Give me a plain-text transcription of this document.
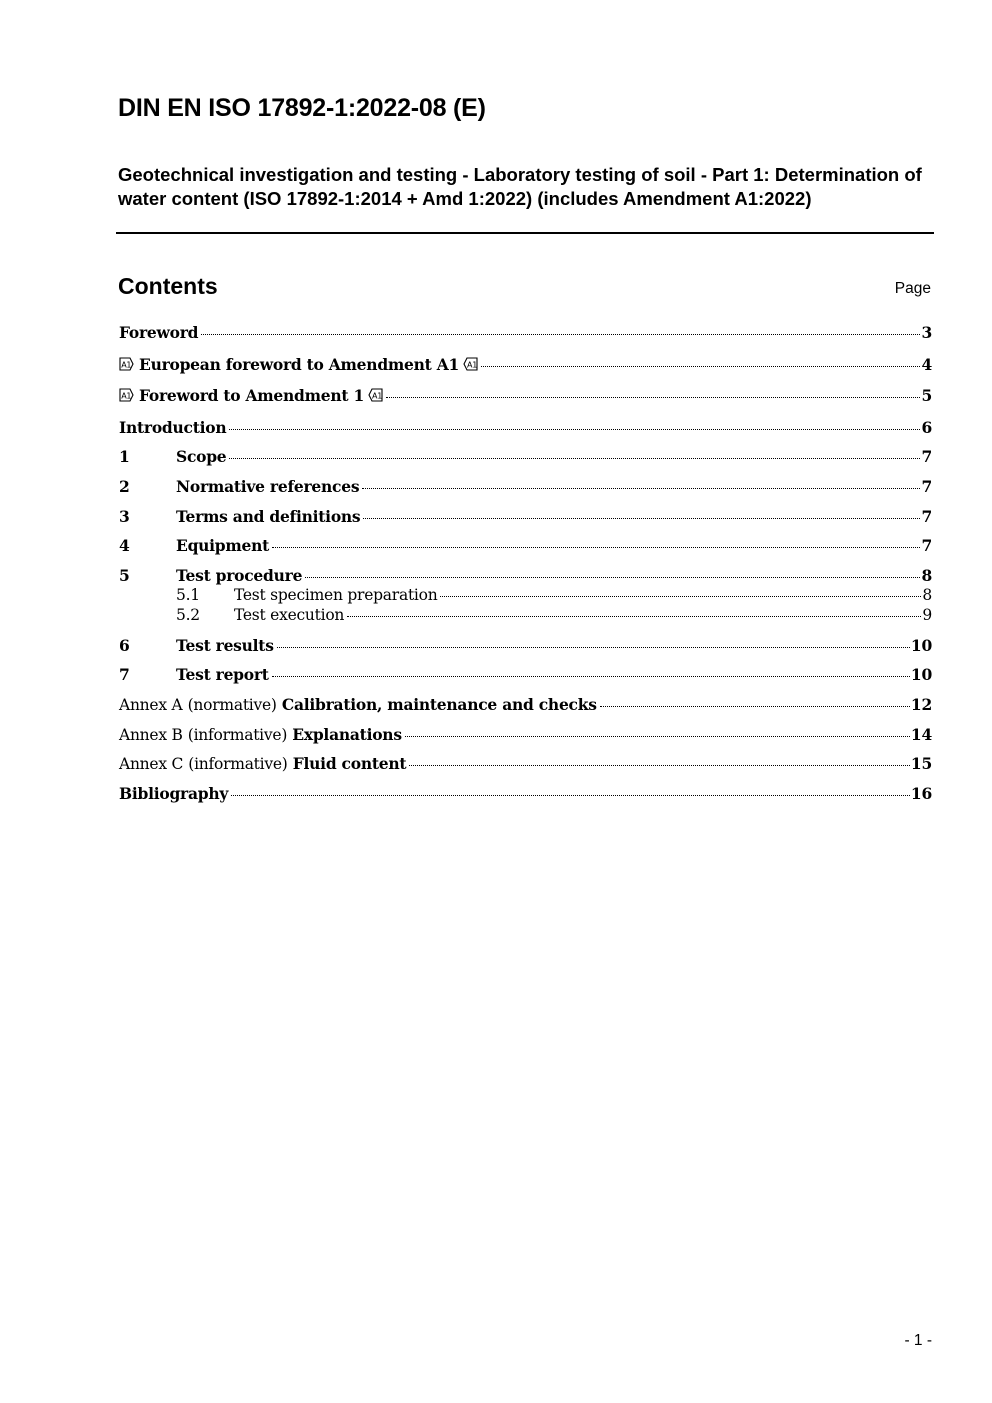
DIN EN ISO 17892-1:2022-08 (E)
Geotechnical investigation and testing - Laboratory testing of soil - Part 1: Determination of water content (ISO 17892-1:2014 + Amd 1:2022) (includes Amendment A1:2022)
Contents	Page
Foreword	3
A1 European foreword to Amendment A1 A1	4
A1 Foreword to Amendment 1 A1	5
Introduction	6
1	Scope	7
2	Normative references	7
3	Terms and definitions	7
4	Equipment	7
5	Test procedure	8
5.1	Test specimen preparation	8
5.2	Test execution	9
6	Test results	10
7	Test report	10
Annex A (normative) Calibration, maintenance and checks	12
Annex B (informative) Explanations	14
Annex C (informative) Fluid content	15
Bibliography	16
- 1 -
